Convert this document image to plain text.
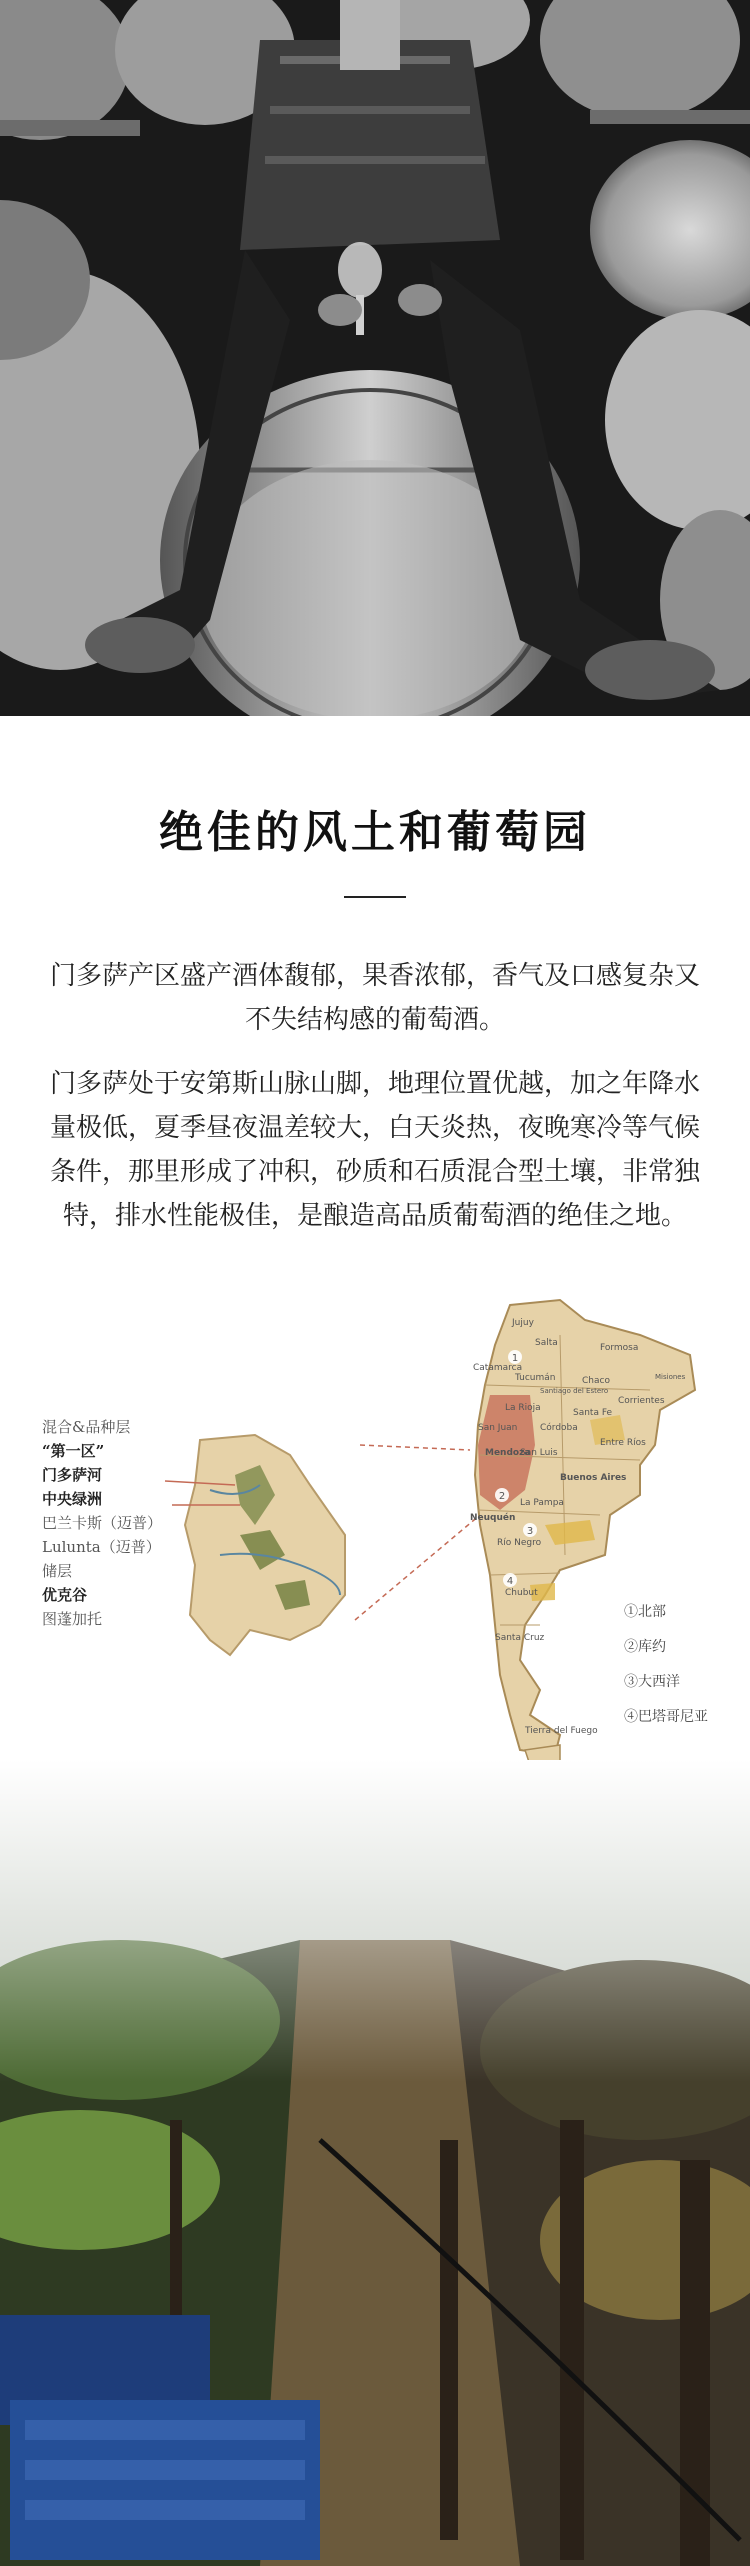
绝佳的风土和葡萄园

门多萨产区盛产酒体馥郁，果香浓郁，香气及口感复杂又不失结构感的葡萄酒。

门多萨处于安第斯山脉山脚，地理位置优越，加之年降水量极低，夏季昼夜温差较大，白天炎热，夜晚寒冷等气候条件，那里形成了冲积，砂质和石质混合型土壤，非常独特，排水性能极佳，是酿造高品质葡萄酒的绝佳之地。

混合&品种层
“第一区”
门多萨河
中央绿洲
巴兰卡斯（迈普）
Lulunta（迈普）
储层
优克谷
图蓬加托
1
2
3
4
Jujuy
Salta	Formosa
Catamarca
Tucumán
Santiago del Estero
Chaco	Misiones
Corrientes
La Rioja	Santa Fe
San Juan	Córdoba
Entre Ríos
Mendoza
San Luis
Buenos Aires
La Pampa
Neuquén
Río Negro
Chubut
Santa Cruz
Tierra del Fuego
①北部
②库约
③大西洋
④巴塔哥尼亚
